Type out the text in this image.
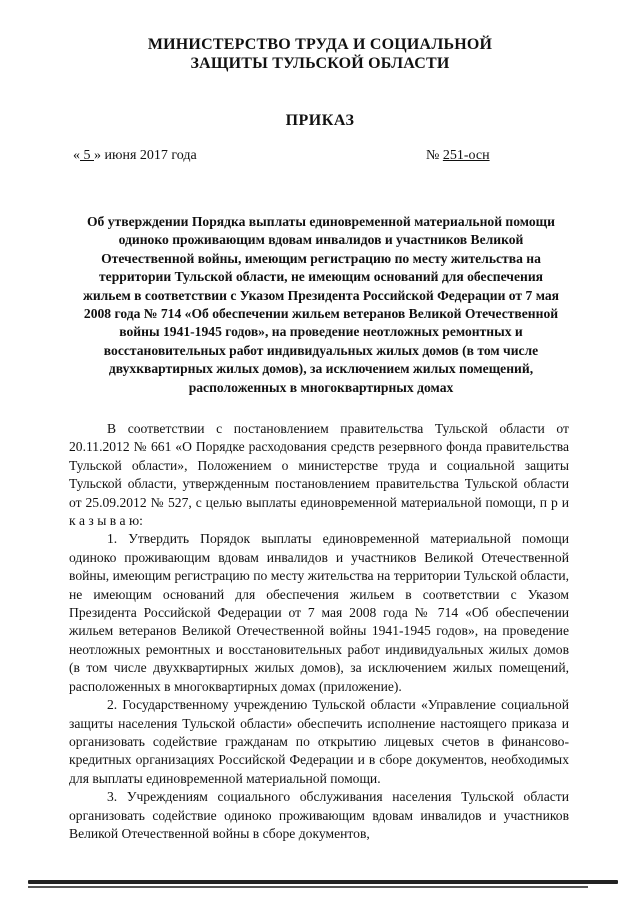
МИНИСТЕРСТВО ТРУДА И СОЦИАЛЬНОЙ
ЗАЩИТЫ ТУЛЬСКОЙ ОБЛАСТИ
ПРИКАЗ
« 5 » июня 2017 года	№ 251-осн
Об утверждении Порядка выплаты единовременной материальной помощи одиноко проживающим вдовам инвалидов и участников Великой Отечественной войны, имеющим регистрацию по месту жительства на территории Тульской области, не имеющим оснований для обеспечения жильем в соответствии с Указом Президента Российской Федерации от 7 мая 2008 года № 714 «Об обеспечении жильем ветеранов Великой Отечественной войны 1941-1945 годов», на проведение неотложных ремонтных и восстановительных работ индивидуальных жилых домов (в том числе двухквартирных жилых домов), за исключением жилых помещений, расположенных в многоквартирных домах

В соответствии с постановлением правительства Тульской области от 20.11.2012 № 661 «О Порядке расходования средств резервного фонда правительства Тульской области», Положением о министерстве труда и социальной защиты Тульской области, утвержденным постановлением правительства Тульской области от 25.09.2012 № 527, с целью выплаты единовременной материальной помощи, п р и к а з ы в а ю:

1. Утвердить Порядок выплаты единовременной материальной помощи одиноко проживающим вдовам инвалидов и участников Великой Отечественной войны, имеющим регистрацию по месту жительства на территории Тульской области, не имеющим оснований для обеспечения жильем в соответствии с Указом Президента Российской Федерации от 7 мая 2008 года № 714 «Об обеспечении жильем ветеранов Великой Отечественной войны 1941-1945 годов», на проведение неотложных ремонтных и восстановительных работ индивидуальных жилых домов (в том числе двухквартирных жилых домов), за исключением жилых помещений, расположенных в многоквартирных домах (приложение).

2. Государственному учреждению Тульской области «Управление социальной защиты населения Тульской области» обеспечить исполнение настоящего приказа и организовать содействие гражданам по открытию лицевых счетов в финансово-кредитных организациях Российской Федерации и в сборе документов, необходимых для выплаты единовременной материальной помощи.

3. Учреждениям социального обслуживания населения Тульской области организовать содействие одиноко проживающим вдовам инвалидов и участников Великой Отечественной войны в сборе документов,
